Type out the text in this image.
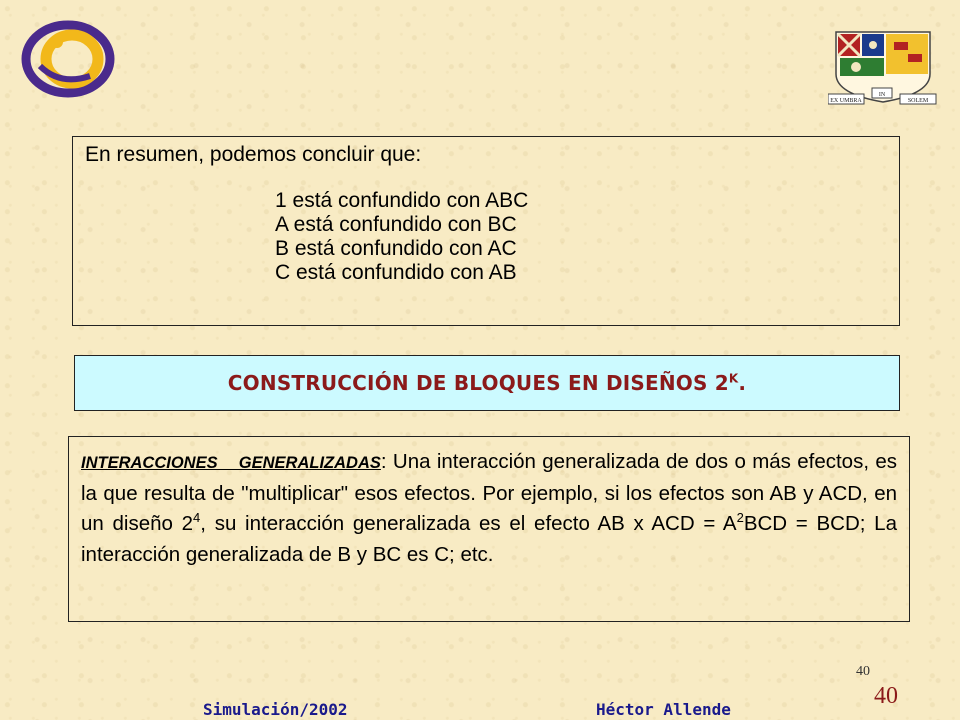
EX UMBRA
IN
SOLEM
En resumen, podemos concluir que:
1 está confundido con ABC
A está confundido con BC
B está confundido con AC
C está confundido con AB
CONSTRUCCIÓN DE BLOQUES EN DISEÑOS $2^K$.

INTERACCIONES GENERALIZADAS: Una interacción generalizada de dos o más efectos, es la que resulta de "multiplicar" esos efectos. Por ejemplo, si los efectos son AB y ACD, en un diseño $2^4$, su interacción generalizada es el efecto AB x ACD = $A^2BCD$ = BCD; La interacción generalizada de B y BC es C; etc.

40
Simulación/2002	Héctor Allende
40
